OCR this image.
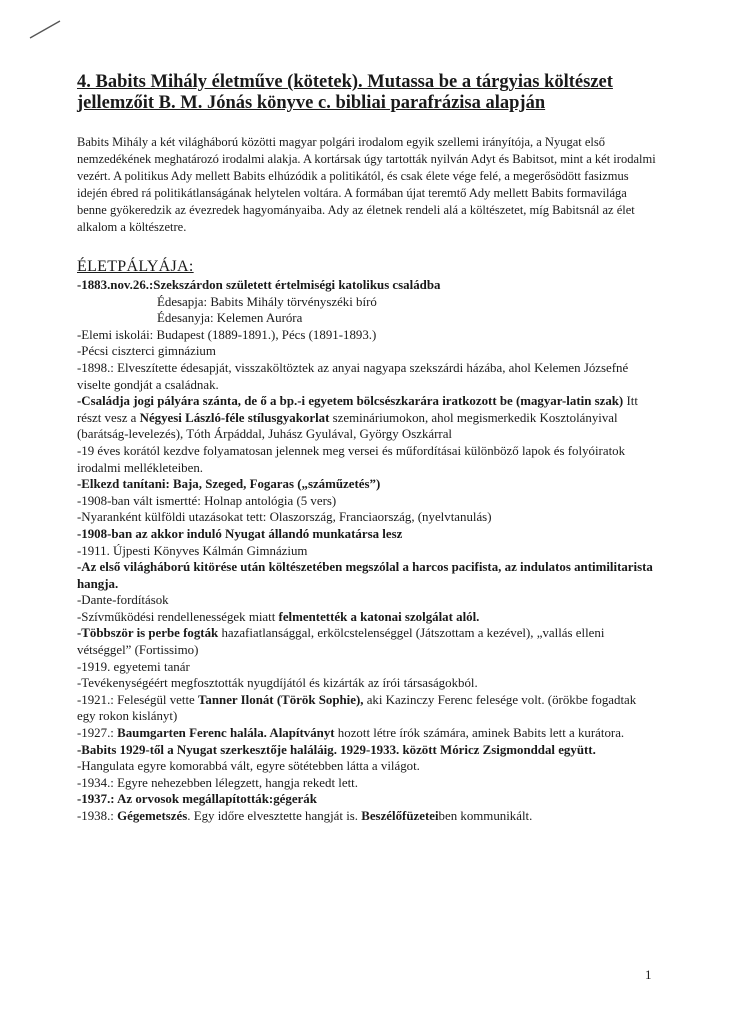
4. Babits Mihály életműve (kötetek). Mutassa be a tárgyias költészet jellemzőit B. M. Jónás könyve c. bibliai parafrázisa alapján

Babits Mihály a két világháború közötti magyar polgári irodalom egyik szellemi irányítója, a Nyugat első nemzedékének meghatározó irodalmi alakja. A kortársak úgy tartották nyilván Adyt és Babitsot, mint a két irodalmi vezért. A politikus Ady mellett Babits elhúzódik a politikától, és csak élete vége felé, a megerősödött fasizmus idején ébred rá politikátlanságának helytelen voltára. A formában újat teremtő Ady mellett Babits formavilága benne gyökeredzik az évezredek hagyományaiba. Ady az életnek rendeli alá a költészetet, míg Babitsnál az élet alkalom a költészetre.

ÉLETPÁLYÁJA:

-1883.nov.26.:Szekszárdon született értelmiségi katolikus családba

Édesapja: Babits Mihály törvényszéki bíró

Édesanyja: Kelemen Auróra

-Elemi iskolái: Budapest (1889-1891.), Pécs (1891-1893.)

-Pécsi ciszterci gimnázium

-1898.: Elveszítette édesapját, visszaköltöztek az anyai nagyapa szekszárdi házába, ahol Kelemen Józsefné viselte gondját a családnak.

-Családja jogi pályára szánta, de ő a bp.-i egyetem bölcsészkarára iratkozott be (magyar-latin szak) Itt részt vesz a Négyesi László-féle stílusgyakorlat szemináriumokon, ahol megismerkedik Kosztolányival (barátság-levelezés), Tóth Árpáddal, Juhász Gyulával, György Oszkárral

-19 éves korától kezdve folyamatosan jelennek meg versei és műfordításai különböző lapok és folyóiratok irodalmi mellékleteiben.

-Elkezd tanítani: Baja, Szeged, Fogaras („száműzetés”)

-1908-ban vált ismertté: Holnap antológia (5 vers)

-Nyaranként külföldi utazásokat tett: Olaszország, Franciaország, (nyelvtanulás)

-1908-ban az akkor induló Nyugat állandó munkatársa lesz

-1911. Újpesti Könyves Kálmán Gimnázium

-Az első világháború kitörése után költészetében megszólal a harcos pacifista, az indulatos antimilitarista hangja.

-Dante-fordítások

-Szívműködési rendellenességek miatt felmentették a katonai szolgálat alól.

-Többször is perbe fogták hazafiatlansággal, erkölcstelenséggel (Játszottam a kezével), „vallás elleni vétséggel” (Fortissimo)

-1919. egyetemi tanár

-Tevékenységéért megfosztották nyugdíjától és kizárták az írói társaságokból.

-1921.: Feleségül vette Tanner Ilonát (Török Sophie), aki Kazinczy Ferenc felesége volt. (örökbe fogadtak egy rokon kislányt)

-1927.: Baumgarten Ferenc halála. Alapítványt hozott létre írók számára, aminek Babits lett a kurátora.

-Babits 1929-től a Nyugat szerkesztője haláláig. 1929-1933. között Móricz Zsigmonddal együtt.

-Hangulata egyre komorabbá vált, egyre sötétebben látta a világot.

-1934.: Egyre nehezebben lélegzett, hangja rekedt lett.

-1937.: Az orvosok megállapították:gégerák

-1938.: Gégemetszés. Egy időre elvesztette hangját is. Beszélőfüzeteiben kommunikált.

1
